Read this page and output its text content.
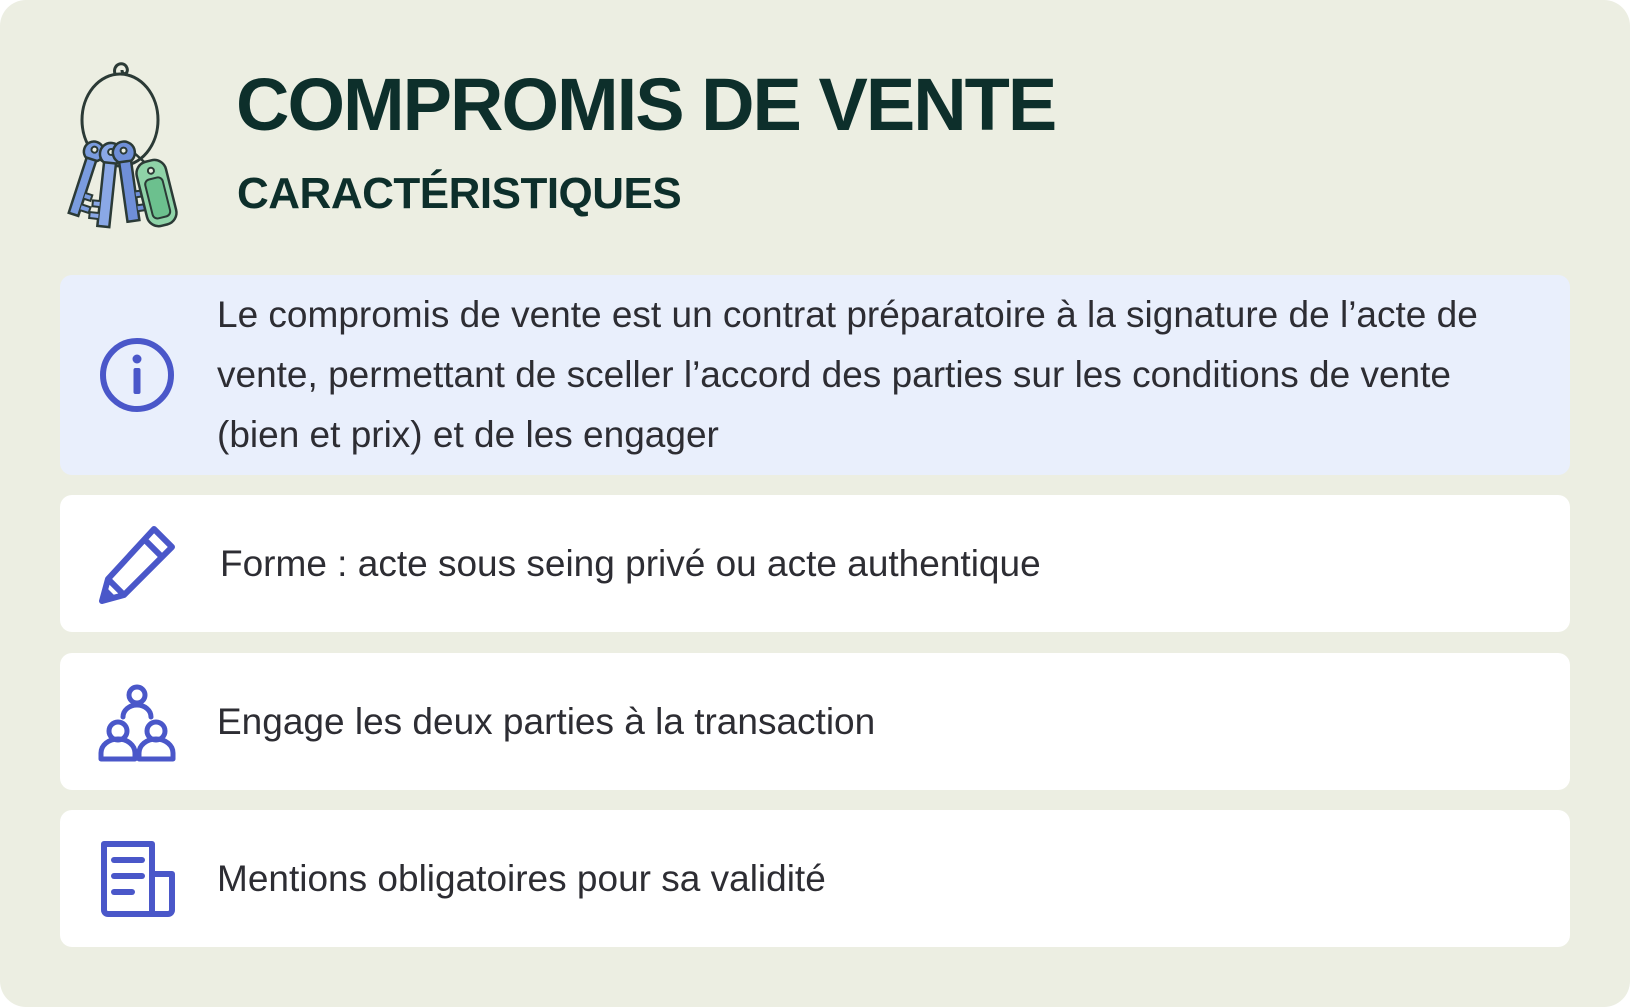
COMPROMIS DE VENTE
CARACTÉRISTIQUES
Le compromis de vente est un contrat préparatoire à la signature de l’acte de vente, permettant de sceller l’accord des parties sur les conditions de vente (bien et prix) et de les engager
Forme : acte sous seing privé ou acte authentique
Engage les deux parties à la transaction
Mentions obligatoires pour sa validité
